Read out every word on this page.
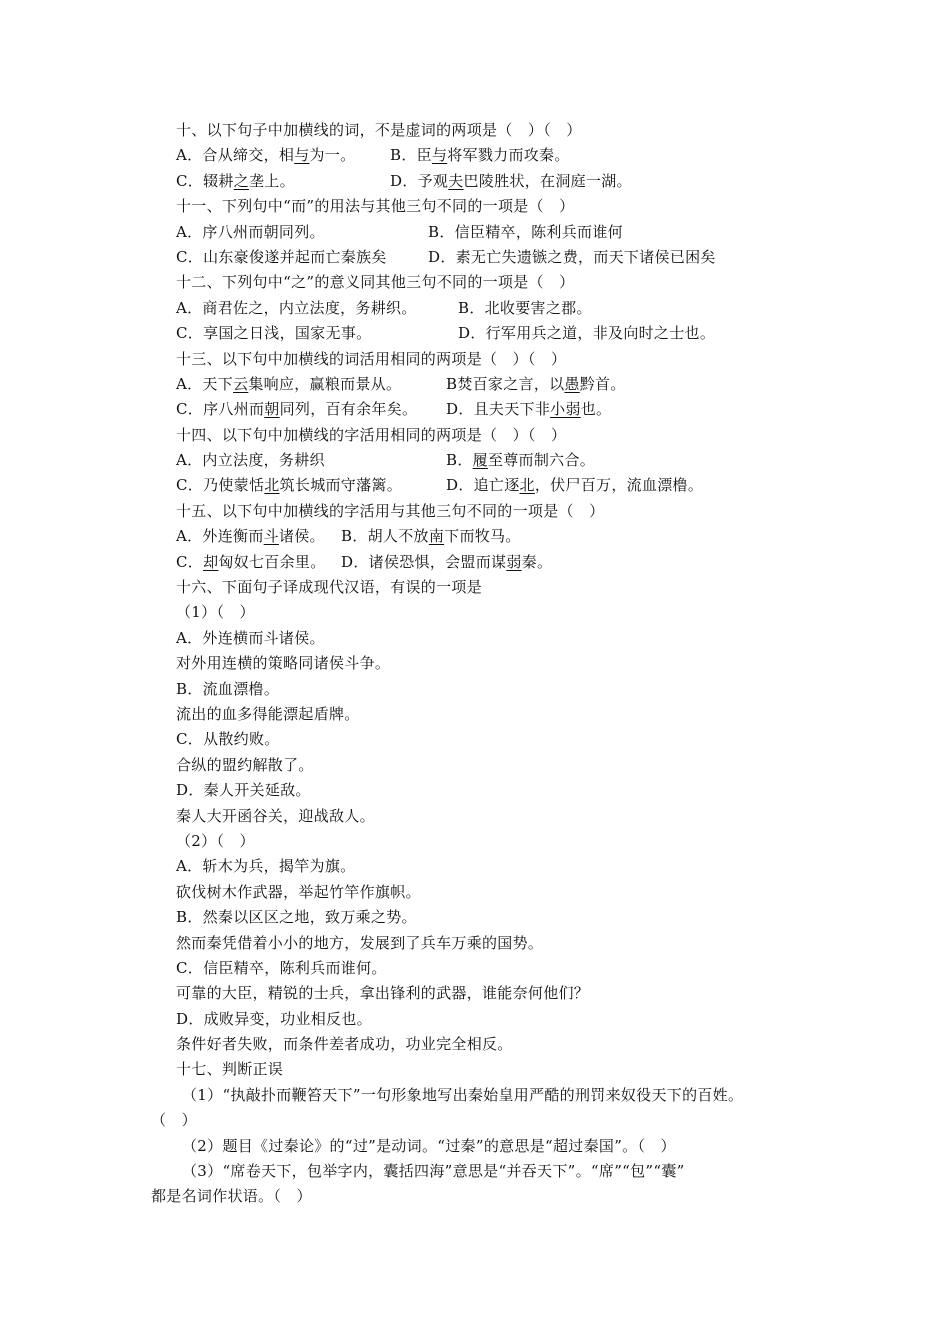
十、以下句子中加横线的词，不是虚词的两项是（　）（　）
A．合从缔交，相与为一。 B．臣与将军戮力而攻秦。
C．辍耕之垄上。	D．予观夫巴陵胜状，在洞庭一湖。
十一、下列句中“而”的用法与其他三句不同的一项是（　）
A．序八州而朝同列。	B．信臣精卒，陈利兵而谁何
C．山东豪俊遂并起而亡秦族矣	D．素无亡失遗镞之费，而天下诸侯已困矣
十二、下列句中“之”的意义同其他三句不同的一项是（　）
A．商君佐之，内立法度，务耕织。	B．北收要害之郡。
C．享国之日浅，国家无事。	D．行军用兵之道，非及向时之士也。
十三、以下句中加横线的词活用相同的两项是（　）（　）
A．天下云集响应，赢粮而景从。	B焚百家之言，以愚黔首。
C．序八州而朝同列，百有余年矣。 D．且夫天下非小弱也。
十四、以下句中加横线的字活用相同的两项是（　）（　）
A．内立法度，务耕织	B．履至尊而制六合。
C．乃使蒙恬北筑长城而守藩篱。	D．追亡逐北，伏尸百万，流血漂橹。
十五、以下句中加横线的字活用与其他三句不同的一项是（　）
A．外连衡而斗诸侯。 B．胡人不放南下而牧马。
C．却匈奴七百余里。 D．诸侯恐惧，会盟而谋弱秦。
十六、下面句子译成现代汉语，有误的一项是
（1）（　）
A．外连横而斗诸侯。
对外用连横的策略同诸侯斗争。
B．流血漂橹。
流出的血多得能漂起盾牌。
C．从散约败。
合纵的盟约解散了。
D．秦人开关延敌。
秦人大开函谷关，迎战敌人。
（2）（　）
A．斩木为兵，揭竿为旗。
砍伐树木作武器，举起竹竿作旗帜。
B．然秦以区区之地，致万乘之势。
然而秦凭借着小小的地方，发展到了兵车万乘的国势。
C．信臣精卒，陈利兵而谁何。
可靠的大臣，精锐的士兵，拿出锋利的武器，谁能奈何他们？
D．成败异变，功业相反也。
条件好者失败，而条件差者成功，功业完全相反。
十七、判断正误
（1）“执敲扑而鞭笞天下”一句形象地写出秦始皇用严酷的刑罚来奴役天下的百姓。
（　）
（2）题目《过秦论》的“过”是动词。“过秦”的意思是“超过秦国”。（　）
（3）“席卷天下，包举字内，囊括四海”意思是“并吞天下”。“席”“包”“囊”
都是名词作状语。（　）
